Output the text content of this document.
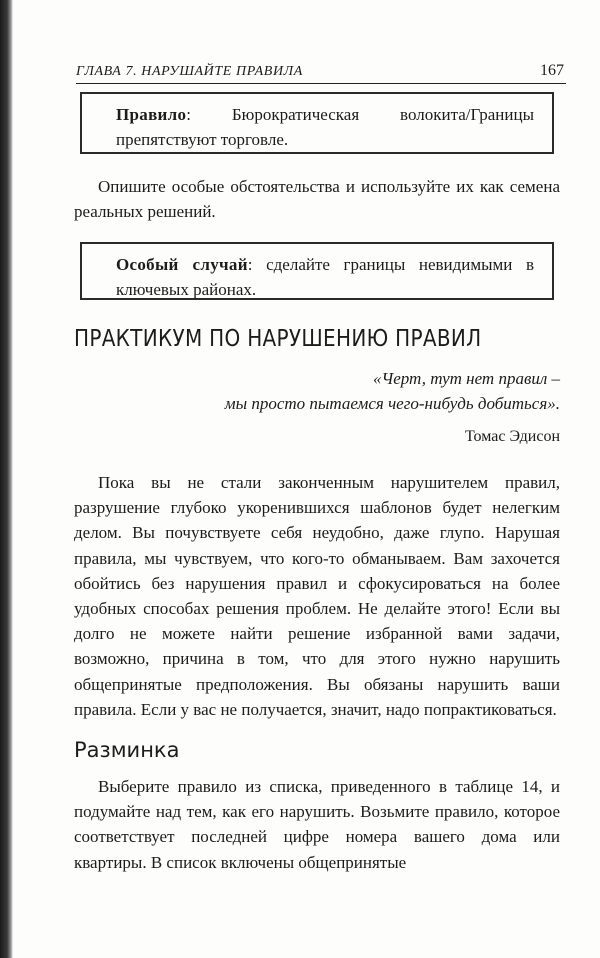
ГЛАВА 7. НАРУШАЙТЕ ПРАВИЛА	167
Правило: Бюрократическая волокита/Границы препятствуют торговле.

Опишите особые обстоятельства и используйте их как семена реальных решений.

Особый случай: сделайте границы невидимыми в ключевых районах.
ПРАКТИКУМ ПО НАРУШЕНИЮ ПРАВИЛ
«Черт, тут нет правил –
мы просто пытаемся чего-нибудь добиться».
Томас Эдисон

Пока вы не стали законченным нарушителем правил, разрушение глубоко укоренившихся шаблонов будет нелегким делом. Вы почувствуете себя неудобно, даже глупо. Нарушая правила, мы чувствуем, что кого-то обманываем. Вам захочется обойтись без нарушения правил и сфокусироваться на более удобных способах решения проблем. Не делайте этого! Если вы долго не можете найти решение избранной вами задачи, возможно, причина в том, что для этого нужно нарушить общепринятые предположения. Вы обязаны нарушить ваши правила. Если у вас не получается, значит, надо попрактиковаться.

Разминка

Выберите правило из списка, приведенного в таблице 14, и подумайте над тем, как его нарушить. Возьмите правило, которое соответствует последней цифре номера вашего дома или квартиры. В список включены общепринятые
